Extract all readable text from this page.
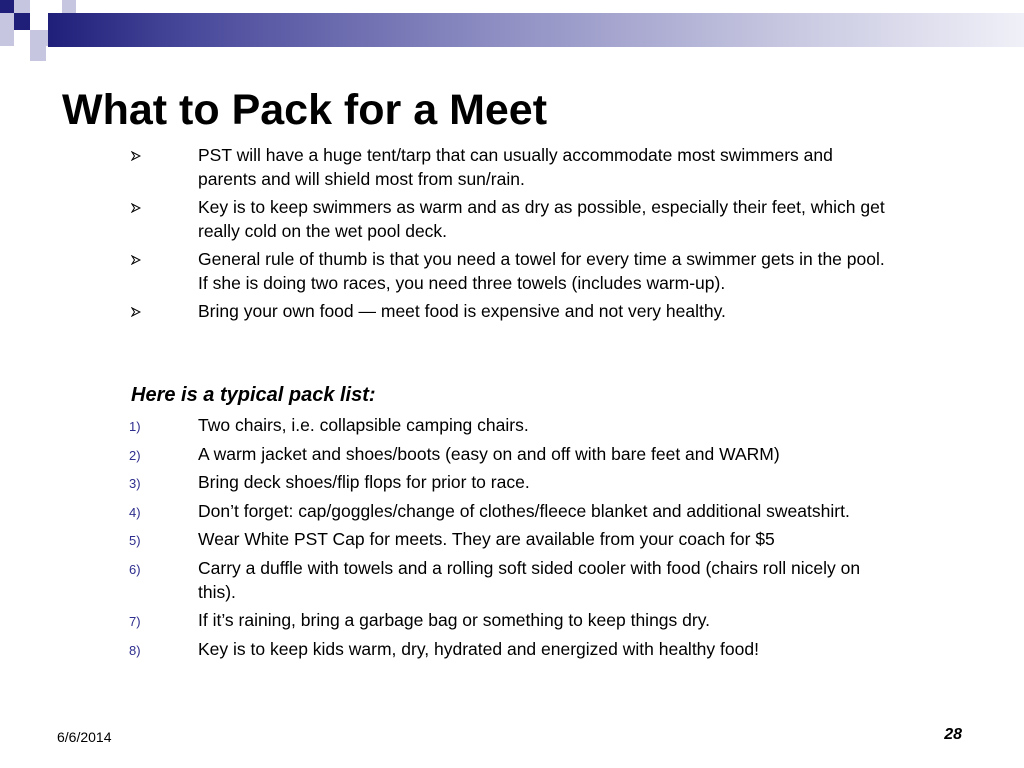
What to Pack for a Meet
PST will have a huge tent/tarp that can usually accommodate most swimmers and parents and will shield most from sun/rain.
Key is to keep swimmers as warm and as dry as possible, especially their feet, which get really cold on the wet pool deck.
General rule of thumb is that you need a towel for every time a swimmer gets in the pool. If she is doing two races, you need three towels (includes warm-up).
Bring your own food — meet food is expensive and not very healthy.
Here is a typical pack list:
1)	Two chairs, i.e. collapsible camping chairs.
2)	A warm jacket and shoes/boots (easy on and off with bare feet and WARM)
3)	Bring deck shoes/flip flops for prior to race.
4)	Don’t forget: cap/goggles/change of clothes/fleece blanket and additional sweatshirt.
5)	Wear White PST Cap for meets. They are available from your coach for $5
6)	Carry a duffle with towels and a rolling soft sided cooler with food (chairs roll nicely on this).
7)	If it’s raining, bring a garbage bag or something to keep things dry.
8)	Key is to keep kids warm, dry, hydrated and energized with healthy food!
6/6/2014	28
